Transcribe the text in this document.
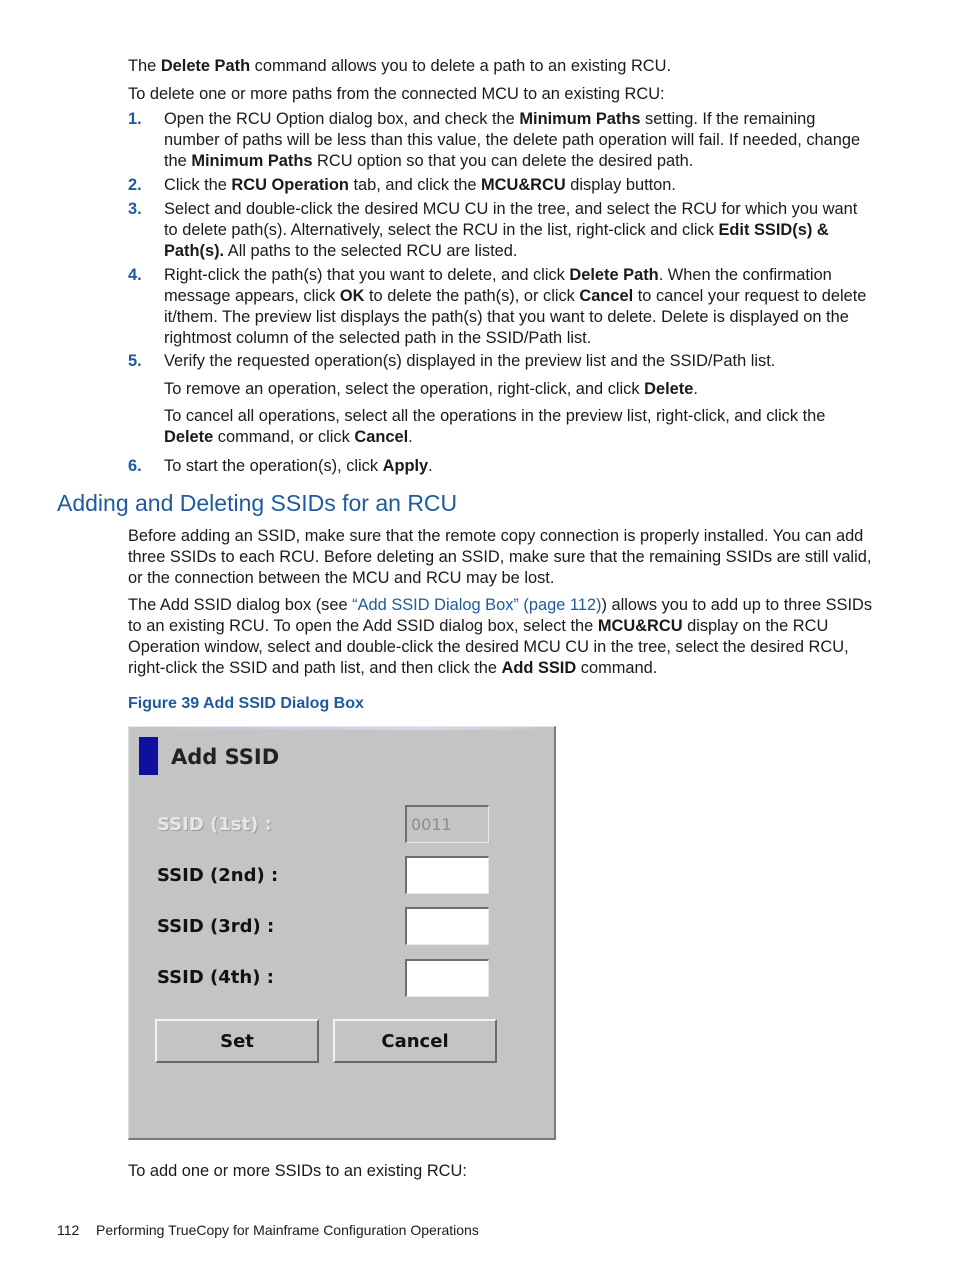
The Delete Path command allows you to delete a path to an existing RCU.

To delete one or more paths from the connected MCU to an existing RCU:

1. Open the RCU Option dialog box, and check the Minimum Paths setting. If the remaining number of paths will be less than this value, the delete path operation will fail. If needed, change the Minimum Paths RCU option so that you can delete the desired path.
2. Click the RCU Operation tab, and click the MCU&RCU display button.
3. Select and double-click the desired MCU CU in the tree, and select the RCU for which you want to delete path(s). Alternatively, select the RCU in the list, right-click and click Edit SSID(s) & Path(s). All paths to the selected RCU are listed.
4. Right-click the path(s) that you want to delete, and click Delete Path. When the confirmation message appears, click OK to delete the path(s), or click Cancel to cancel your request to delete it/them. The preview list displays the path(s) that you want to delete. Delete is displayed on the rightmost column of the selected path in the SSID/Path list.
5. Verify the requested operation(s) displayed in the preview list and the SSID/Path list.

To remove an operation, select the operation, right-click, and click Delete.

To cancel all operations, select all the operations in the preview list, right-click, and click the Delete command, or click Cancel.

6. To start the operation(s), click Apply.
Adding and Deleting SSIDs for an RCU

Before adding an SSID, make sure that the remote copy connection is properly installed. You can add three SSIDs to each RCU. Before deleting an SSID, make sure that the remaining SSIDs are still valid, or the connection between the MCU and RCU may be lost.

The Add SSID dialog box (see “Add SSID Dialog Box” (page 112)) allows you to add up to three SSIDs to an existing RCU. To open the Add SSID dialog box, select the MCU&RCU display on the RCU Operation window, select and double-click the desired MCU CU in the tree, select the desired RCU, right-click the SSID and path list, and then click the Add SSID command.

Figure 39 Add SSID Dialog Box

Add SSID
SSID (1st) :
0011
SSID (2nd) :
SSID (3rd) :
SSID (4th) :
Set	Cancel

To add one or more SSIDs to an existing RCU:

112 Performing TrueCopy for Mainframe Configuration Operations
